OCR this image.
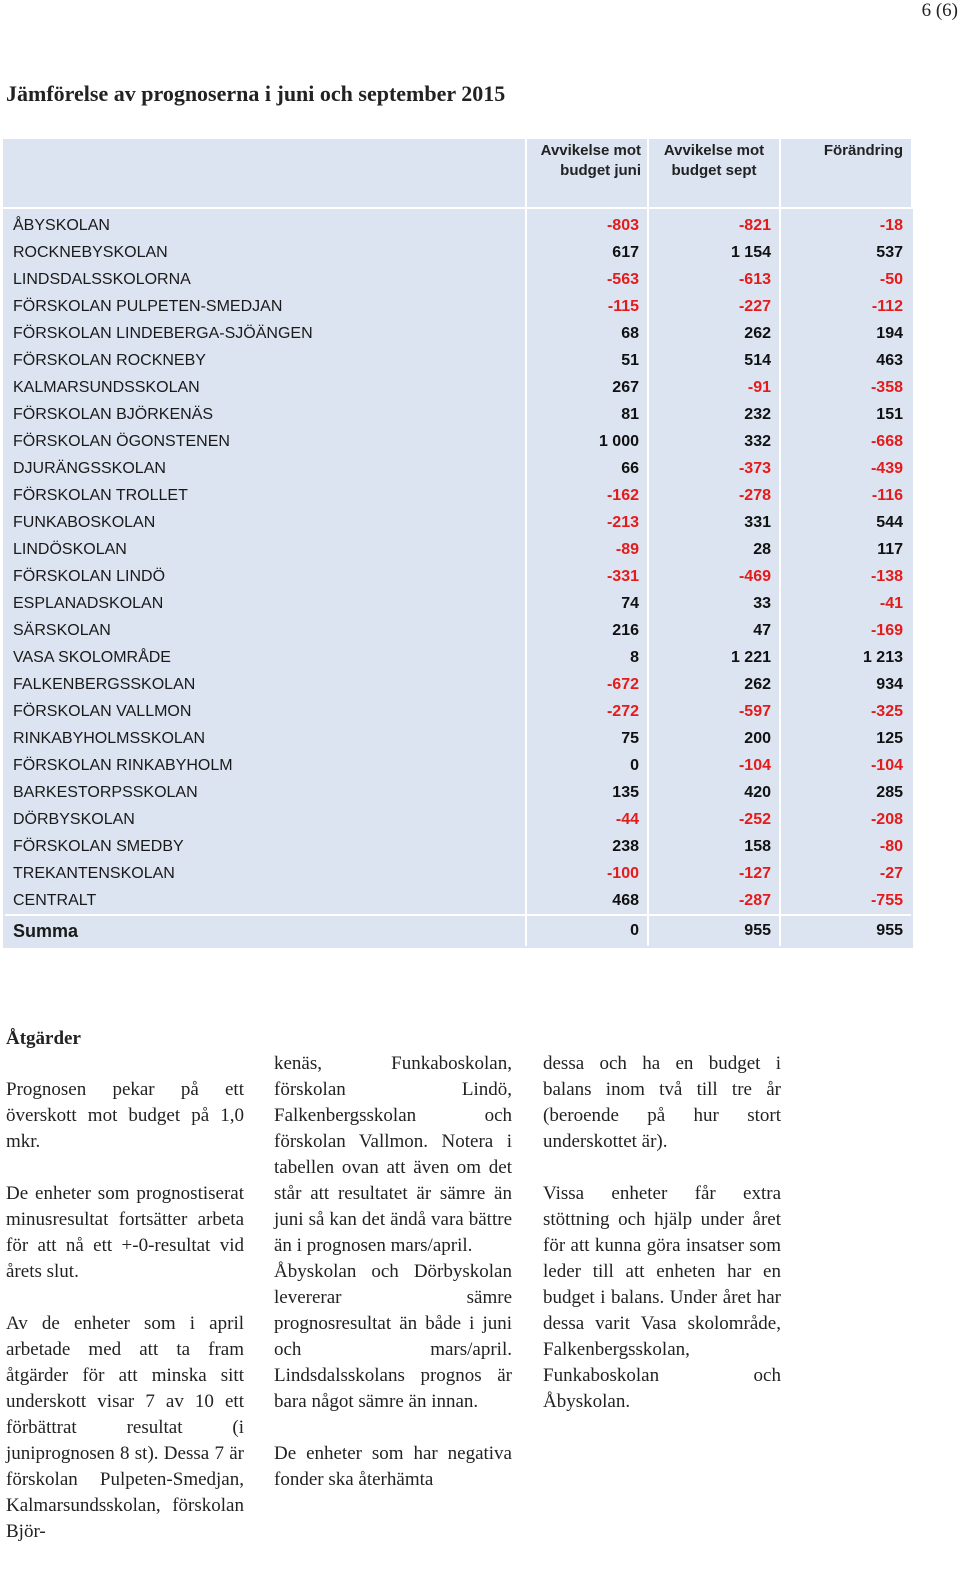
6 (6)
Jämförelse av prognoserna i juni och september 2015
	Avvikelse mot budget juni	Avvikelse mot budget sept	Förändring

ÅBYSKOLAN	-803	-821	-18
ROCKNEBYSKOLAN	617	1 154	537
LINDSDALSSKOLORNA	-563	-613	-50
FÖRSKOLAN PULPETEN-SMEDJAN	-115	-227	-112
FÖRSKOLAN LINDEBERGA-SJÖÄNGEN	68	262	194
FÖRSKOLAN ROCKNEBY	51	514	463
KALMARSUNDSSKOLAN	267	-91	-358
FÖRSKOLAN BJÖRKENÄS	81	232	151
FÖRSKOLAN ÖGONSTENEN	1 000	332	-668
DJURÄNGSSKOLAN	66	-373	-439
FÖRSKOLAN TROLLET	-162	-278	-116
FUNKABOSKOLAN	-213	331	544
LINDÖSKOLAN	-89	28	117
FÖRSKOLAN LINDÖ	-331	-469	-138
ESPLANADSKOLAN	74	33	-41
SÄRSKOLAN	216	47	-169
VASA SKOLOMRÅDE	8	1 221	1 213
FALKENBERGSSKOLAN	-672	262	934
FÖRSKOLAN VALLMON	-272	-597	-325
RINKABYHOLMSSKOLAN	75	200	125
FÖRSKOLAN RINKABYHOLM	0	-104	-104
BARKESTORPSSKOLAN	135	420	285
DÖRBYSKOLAN	-44	-252	-208
FÖRSKOLAN SMEDBY	238	158	-80
TREKANTENSKOLAN	-100	-127	-27
CENTRALT	468	-287	-755
Summa	0	955	955

Åtgärder

Prognosen pekar på ett överskott mot budget på 1,0 mkr.

De enheter som prognostiserat minusresultat fortsätter arbeta för att nå ett +-0-resultat vid årets slut.

Av de enheter som i april arbetade med att ta fram åtgärder för att minska sitt underskott visar 7 av 10 ett förbättrat resultat (i juniprognosen 8 st). Dessa 7 är förskolan Pulpeten-Smedjan, Kalmarsundsskolan, förskolan Björ-

kenäs, Funkaboskolan, förskolan Lindö, Falkenbergsskolan och förskolan Vallmon. Notera i tabellen ovan att även om det står att resultatet är sämre än juni så kan det ändå vara bättre än i prognosen mars/april.

Åbyskolan och Dörbyskolan levererar sämre prognosresultat än både i juni och mars/april. Lindsdalsskolans prognos är bara något sämre än innan.

De enheter som har negativa fonder ska återhämta

dessa och ha en budget i balans inom två till tre år (beroende på hur stort underskottet är).

Vissa enheter får extra stöttning och hjälp under året för att kunna göra insatser som leder till att enheten har en budget i balans. Under året har dessa varit Vasa skolområde, Falkenbergsskolan, Funkaboskolan och Åbyskolan.
